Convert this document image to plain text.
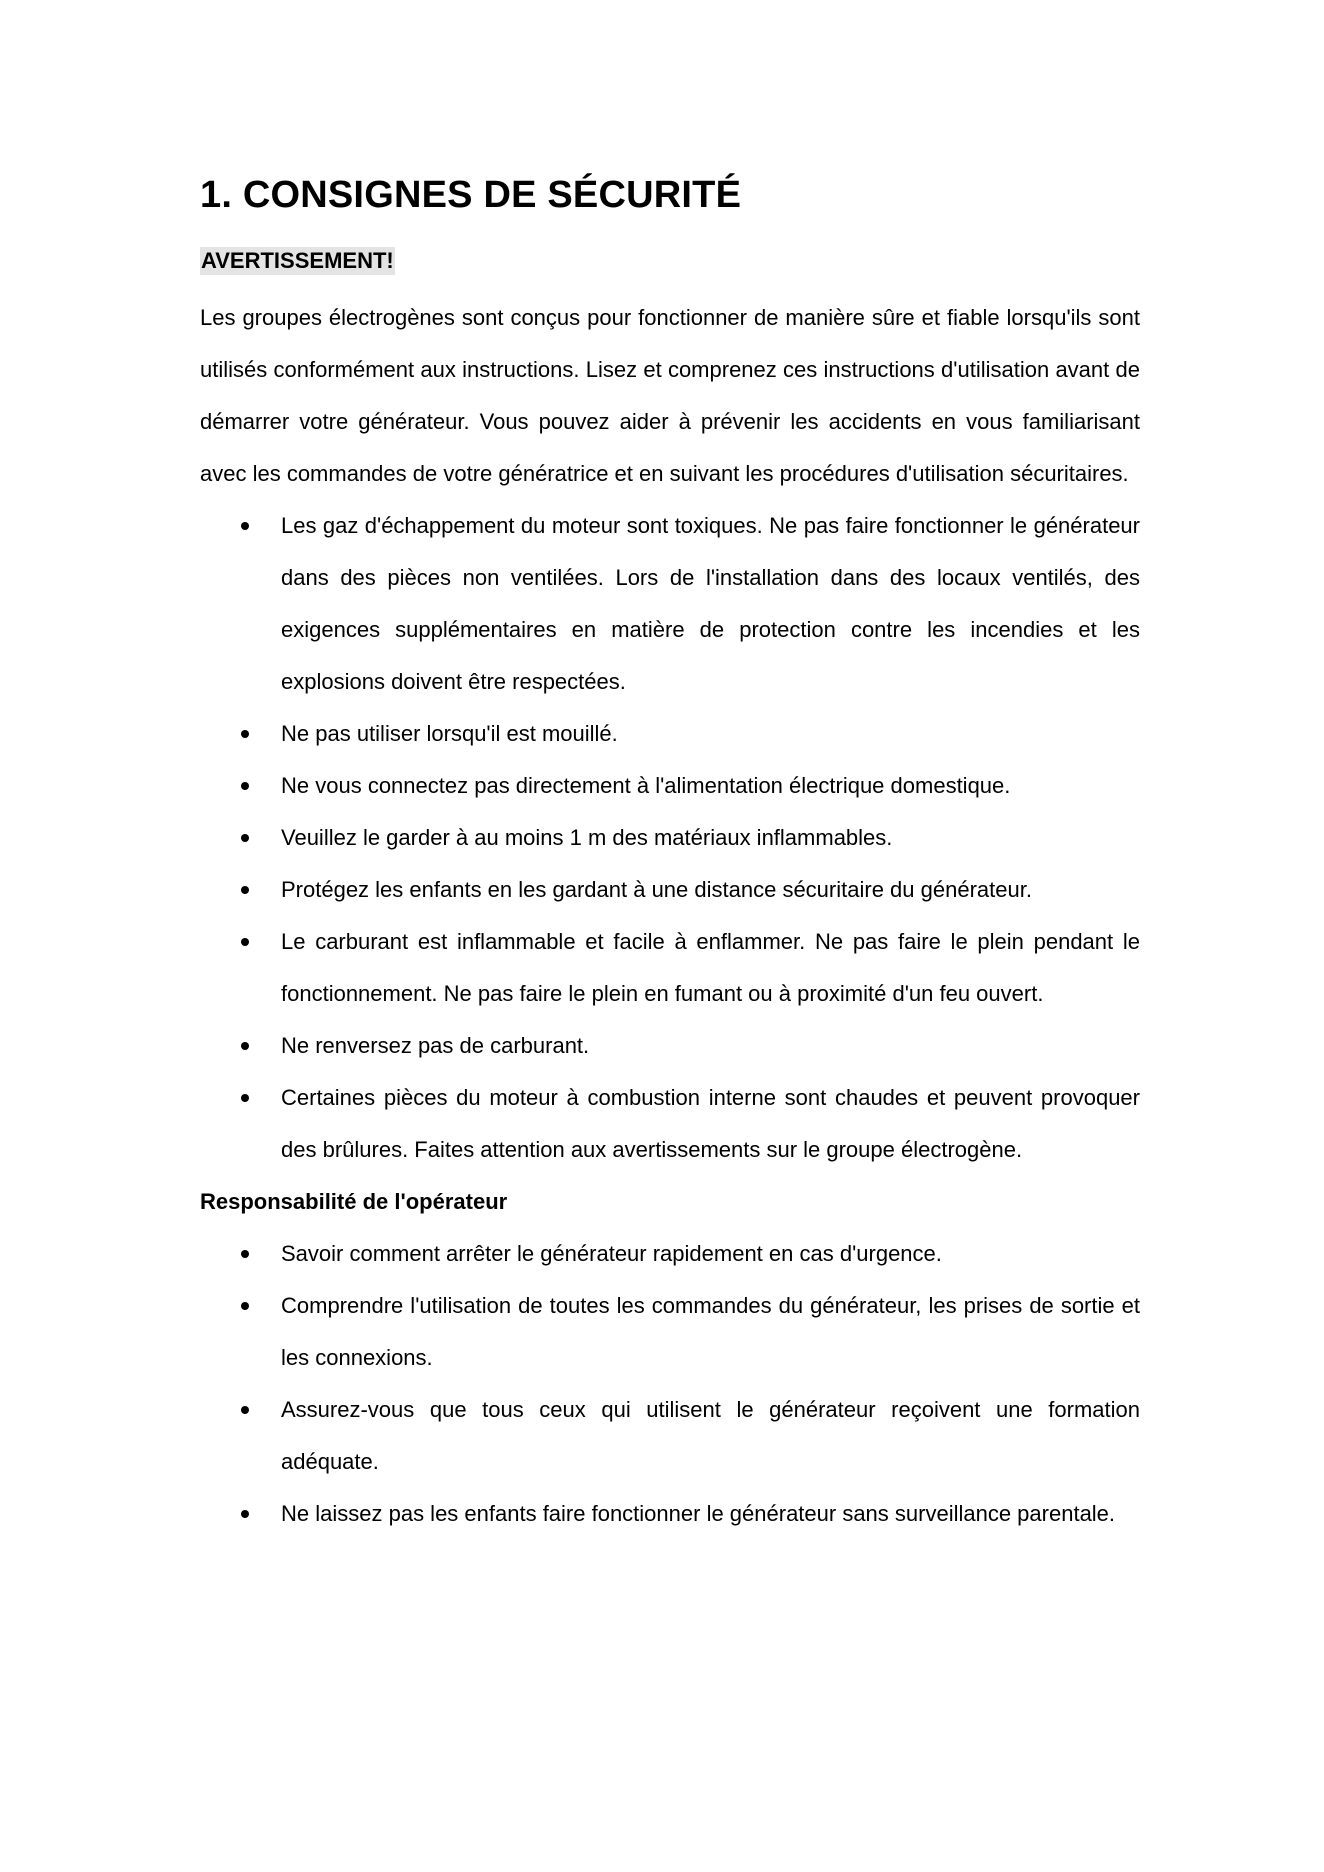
1. CONSIGNES DE SÉCURITÉ
AVERTISSEMENT!

Les groupes électrogènes sont conçus pour fonctionner de manière sûre et fiable lorsqu'ils sont utilisés conformément aux instructions. Lisez et comprenez ces instructions d'utilisation avant de démarrer votre générateur. Vous pouvez aider à prévenir les accidents en vous familiarisant avec les commandes de votre génératrice et en suivant les procédures d'utilisation sécuritaires.

Les gaz d'échappement du moteur sont toxiques. Ne pas faire fonctionner le générateur dans des pièces non ventilées. Lors de l'installation dans des locaux ventilés, des exigences supplémentaires en matière de protection contre les incendies et les explosions doivent être respectées.
Ne pas utiliser lorsqu'il est mouillé.
Ne vous connectez pas directement à l'alimentation électrique domestique.
Veuillez le garder à au moins 1 m des matériaux inflammables.
Protégez les enfants en les gardant à une distance sécuritaire du générateur.
Le carburant est inflammable et facile à enflammer. Ne pas faire le plein pendant le fonctionnement. Ne pas faire le plein en fumant ou à proximité d'un feu ouvert.
Ne renversez pas de carburant.
Certaines pièces du moteur à combustion interne sont chaudes et peuvent provoquer des brûlures. Faites attention aux avertissements sur le groupe électrogène.
Responsabilité de l'opérateur
Savoir comment arrêter le générateur rapidement en cas d'urgence.
Comprendre l'utilisation de toutes les commandes du générateur, les prises de sortie et les connexions.
Assurez-vous que tous ceux qui utilisent le générateur reçoivent une formation adéquate.
Ne laissez pas les enfants faire fonctionner le générateur sans surveillance parentale.
